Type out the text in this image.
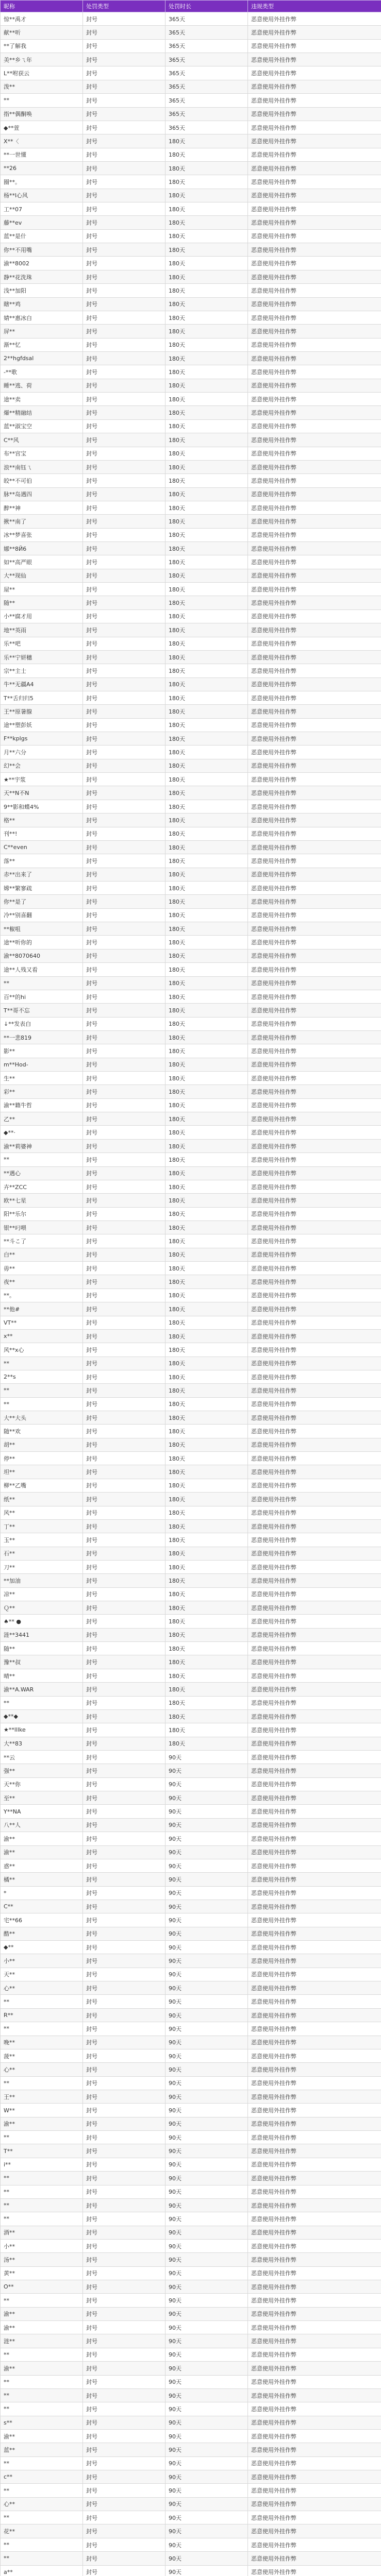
昵称	处罚类型	处罚时长	违规类型
惊**禹才	封号	365天	恶意使用外挂作弊
献**听	封号	365天	恶意使用外挂作弊
**了解我	封号	365天	恶意使用外挂作弊
美**乡ㄟ年	封号	365天	恶意使用外挂作弊
L**咐获云	封号	365天	恶意使用外挂作弊
泼**	封号	365天	恶意使用外挂作弊
**	封号	365天	恶意使用外挂作弊
指**偶酮唤	封号	365天	恶意使用外挂作弊
◆**萱	封号	365天	恶意使用外挂作弊
X**〈	封号	180天	恶意使用外挂作弊
**一世懂	封号	180天	恶意使用外挂作弊
**26	封号	180天	恶意使用外挂作弊
圈**。	封号	180天	恶意使用外挂作弊
杨**l心风	封号	180天	恶意使用外挂作弊
工**07	封号	180天	恶意使用外挂作弊
藤**ev	封号	180天	恶意使用外挂作弊
蓝**是什	封号	180天	恶意使用外挂作弊
你**不用嘴	封号	180天	恶意使用外挂作弊
渝**8002	封号	180天	恶意使用外挂作弊
静**花洗珠	封号	180天	恶意使用外挂作弊
浅**加阳	封号	180天	恶意使用外挂作弊
瞎**鸡	封号	180天	恶意使用外挂作弊
婧**惠冰白	封号	180天	恶意使用外挂作弊
屏**	封号	180天	恶意使用外挂作弊
渐**忆	封号	180天	恶意使用外挂作弊
2**hgfdsal	封号	180天	恶意使用外挂作弊
-**歌	封号	180天	恶意使用外挂作弊
睡**逃、荷	封号	180天	恶意使用外挂作弊
途**卖	封号	180天	恶意使用外挂作弊
爆**精融结	封号	180天	恶意使用外挂作弊
蓝**淑宝空	封号	180天	恶意使用外挂作弊
С**风	封号	180天	恶意使用外挂作弊
布**宫宝	封号	180天	恶意使用外挂作弊
浪**南钰ㄟ	封号	180天	恶意使用外挂作弊
皎**不可伯	封号	180天	恶意使用外挂作弊
脉**岛遇四	封号	180天	恶意使用外挂作弊
醉**神	封号	180天	恶意使用外挂作弊
揪**南了	封号	180天	恶意使用外挂作弊
冰**梦喜张	封号	180天	恶意使用外挂作弊
娜**8Й6	封号	180天	恶意使用外挂作弊
如**高严眼	封号	180天	恶意使用外挂作弊
大**现仙	封号	180天	恶意使用外挂作弊
屋**	封号	180天	恶意使用外挂作弊
随**	封号	180天	恶意使用外挂作弊
小**腐才用	封号	180天	恶意使用外挂作弊
地**英雨	封号	180天	恶意使用外挂作弊
乐**吧	封号	180天	恶意使用外挂作弊
乐**宁妍穗	封号	180天	恶意使用外挂作弊
宗**主士	封号	180天	恶意使用外挂作弊
牛**无疆A4	封号	180天	恶意使用外挂作弊
T**舌归归5	封号	180天	恶意使用外挂作弊
王**原暑腺	封号	180天	恶意使用外挂作弊
途**塑彭妖	封号	180天	恶意使用外挂作弊
F**kplgs	封号	180天	恶意使用外挂作弊
月**六分	封号	180天	恶意使用外挂作弊
幻**会	封号	180天	恶意使用外挂作弊
★**宇浆	封号	180天	恶意使用外挂作弊
天**N不N	封号	180天	恶意使用外挂作弊
9**影和蝶4%	封号	180天	恶意使用外挂作弊
格**	封号	180天	恶意使用外挂作弊
刊**!	封号	180天	恶意使用外挂作弊
C**even	封号	180天	恶意使用外挂作弊
落**	封号	180天	恶意使用外挂作弊
赤**出来了	封号	180天	恶意使用外挂作弊
嫦**繁寥疏	封号	180天	恶意使用外挂作弊
你**是了	封号	180天	恶意使用外挂作弊
冷**别喜翻	封号	180天	恶意使用外挂作弊
**椒咀	封号	180天	恶意使用外挂作弊
途**听你的	封号	180天	恶意使用外挂作弊
渝**8070640	封号	180天	恶意使用外挂作弊
途**人残又看	封号	180天	恶意使用外挂作弊
**	封号	180天	恶意使用外挂作弊
百**的hi	封号	180天	恶意使用外挂作弊
T**哥不忘	封号	180天	恶意使用外挂作弊
↓**发表白	封号	180天	恶意使用外挂作弊
**一悲819	封号	180天	恶意使用外挂作弊
影**	封号	180天	恶意使用外挂作弊
m**Hod-	封号	180天	恶意使用外挂作弊
生**	封号	180天	恶意使用外挂作弊
彩**	封号	180天	恶意使用外挂作弊
渝**籍牛哲	封号	180天	恶意使用外挂作弊
乙**	封号	180天	恶意使用外挂作弊
◆**·	封号	180天	恶意使用外挂作弊
渝**莉婆神	封号	180天	恶意使用外挂作弊
**	封号	180天	恶意使用外挂作弊
**遇心	封号	180天	恶意使用外挂作弊
卉**ZCC	封号	180天	恶意使用外挂作弊
欧**七星	封号	180天	恶意使用外挂作弊
阳**乐尔	封号	180天	恶意使用外挂作弊
银**叼喂	封号	180天	恶意使用外挂作弊
**斗こ了	封号	180天	恶意使用外挂作弊
白**	封号	180天	恶意使用外挂作弊
毋**	封号	180天	恶意使用外挂作弊
夜**	封号	180天	恶意使用外挂作弊
**。	封号	180天	恶意使用外挂作弊
**他#	封号	180天	恶意使用外挂作弊
VT**	封号	180天	恶意使用外挂作弊
x**	封号	180天	恶意使用外挂作弊
风**x心	封号	180天	恶意使用外挂作弊
**	封号	180天	恶意使用外挂作弊
2**s	封号	180天	恶意使用外挂作弊
**	封号	180天	恶意使用外挂作弊
**	封号	180天	恶意使用外挂作弊
大**大头	封号	180天	恶意使用外挂作弊
随**欢	封号	180天	恶意使用外挂作弊
胡**	封号	180天	恶意使用外挂作弊
停**	封号	180天	恶意使用外挂作弊
坦**	封号	180天	恶意使用外挂作弊
柳**乙嘴	封号	180天	恶意使用外挂作弊
纸**	封号	180天	恶意使用外挂作弊
风**	封号	180天	恶意使用外挂作弊
丁**	封号	180天	恶意使用外挂作弊
玉**	封号	180天	恶意使用外挂作弊
石**	封号	180天	恶意使用外挂作弊
刀**	封号	180天	恶意使用外挂作弊
**加油	封号	180天	恶意使用外挂作弊
凉**	封号	180天	恶意使用外挂作弊
Ｑ**	封号	180天	恶意使用外挂作弊
♠** ●	封号	180天	恶意使用外挂作弊
涟**3441	封号	180天	恶意使用外挂作弊
随**	封号	180天	恶意使用外挂作弊
豫**叔	封号	180天	恶意使用外挂作弊
晴**	封号	180天	恶意使用外挂作弊
渝**A.WAR	封号	180天	恶意使用外挂作弊
**	封号	180天	恶意使用外挂作弊
◆**◆	封号	180天	恶意使用外挂作弊
★**lllke	封号	180天	恶意使用外挂作弊
大**83	封号	180天	恶意使用外挂作弊
**云	封号	90天	恶意使用外挂作弊
强**	封号	90天	恶意使用外挂作弊
天**你	封号	90天	恶意使用外挂作弊
至**	封号	90天	恶意使用外挂作弊
Y**NA	封号	90天	恶意使用外挂作弊
八**人	封号	90天	恶意使用外挂作弊
渝**	封号	90天	恶意使用外挂作弊
渝**	封号	90天	恶意使用外挂作弊
惑**	封号	90天	恶意使用外挂作弊
橘**	封号	90天	恶意使用外挂作弊
*	封号	90天	恶意使用外挂作弊
C**	封号	90天	恶意使用外挂作弊
宅**66	封号	90天	恶意使用外挂作弊
酷**	封号	90天	恶意使用外挂作弊
◆**	封号	90天	恶意使用外挂作弊
小**	封号	90天	恶意使用外挂作弊
天**	封号	90天	恶意使用外挂作弊
心**	封号	90天	恶意使用外挂作弊
**	封号	90天	恶意使用外挂作弊
R**	封号	90天	恶意使用外挂作弊
**	封号	90天	恶意使用外挂作弊
晚**	封号	90天	恶意使用外挂作弊
菠**	封号	90天	恶意使用外挂作弊
心**	封号	90天	恶意使用外挂作弊
**	封号	90天	恶意使用外挂作弊
王**	封号	90天	恶意使用外挂作弊
W**	封号	90天	恶意使用外挂作弊
渝**	封号	90天	恶意使用外挂作弊
**	封号	90天	恶意使用外挂作弊
T**	封号	90天	恶意使用外挂作弊
i**	封号	90天	恶意使用外挂作弊
**	封号	90天	恶意使用外挂作弊
**	封号	90天	恶意使用外挂作弊
**	封号	90天	恶意使用外挂作弊
**	封号	90天	恶意使用外挂作弊
酒**	封号	90天	恶意使用外挂作弊
小**	封号	90天	恶意使用外挂作弊
汤**	封号	90天	恶意使用外挂作弊
黄**	封号	90天	恶意使用外挂作弊
O**	封号	90天	恶意使用外挂作弊
**	封号	90天	恶意使用外挂作弊
渝**	封号	90天	恶意使用外挂作弊
渝**	封号	90天	恶意使用外挂作弊
涟**	封号	90天	恶意使用外挂作弊
**	封号	90天	恶意使用外挂作弊
渝**	封号	90天	恶意使用外挂作弊
**	封号	90天	恶意使用外挂作弊
**	封号	90天	恶意使用外挂作弊
**	封号	90天	恶意使用外挂作弊
s**	封号	90天	恶意使用外挂作弊
渝**	封号	90天	恶意使用外挂作弊
蓝**	封号	90天	恶意使用外挂作弊
**	封号	90天	恶意使用外挂作弊
c**	封号	90天	恶意使用外挂作弊
**	封号	90天	恶意使用外挂作弊
心**	封号	90天	恶意使用外挂作弊
**	封号	90天	恶意使用外挂作弊
花**	封号	90天	恶意使用外挂作弊
**	封号	90天	恶意使用外挂作弊
**	封号	90天	恶意使用外挂作弊
a**	封号	90天	恶意使用外挂作弊
